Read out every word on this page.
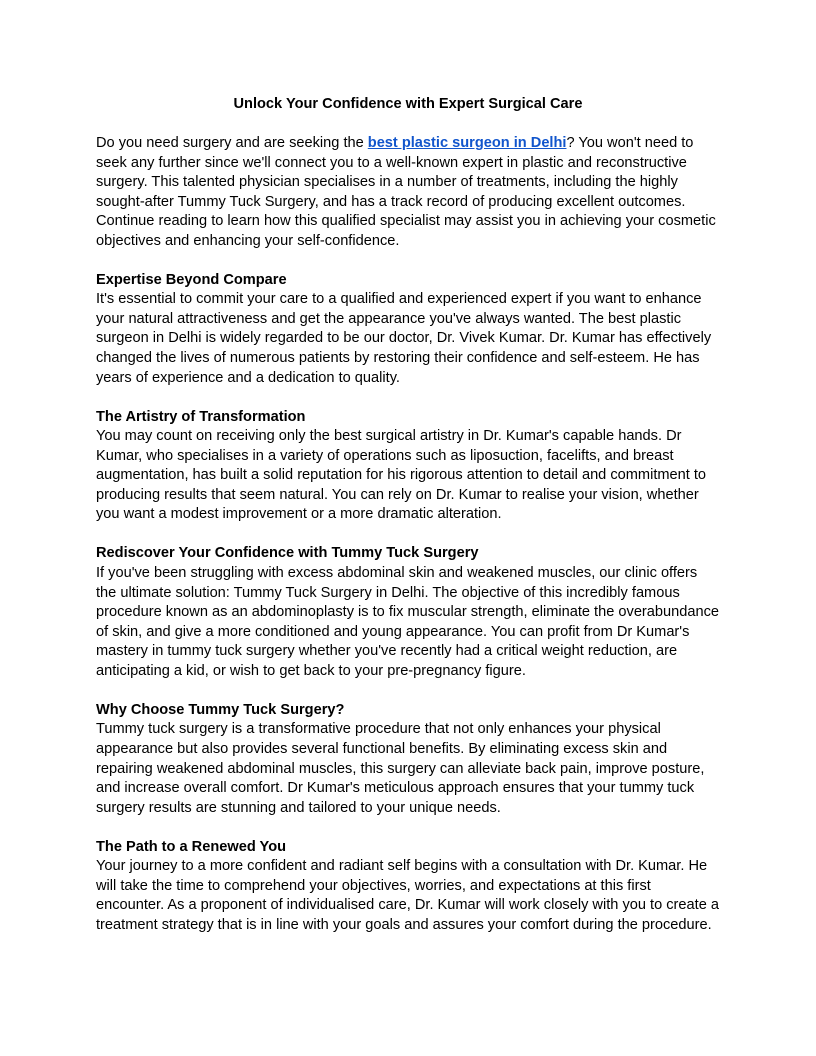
Unlock Your Confidence with Expert Surgical Care

Do you need surgery and are seeking the best plastic surgeon in Delhi? You won't need to seek any further since we'll connect you to a well-known expert in plastic and reconstructive surgery. This talented physician specialises in a number of treatments, including the highly sought-after Tummy Tuck Surgery, and has a track record of producing excellent outcomes. Continue reading to learn how this qualified specialist may assist you in achieving your cosmetic objectives and enhancing your self-confidence.

Expertise Beyond Compare

It's essential to commit your care to a qualified and experienced expert if you want to enhance your natural attractiveness and get the appearance you've always wanted. The best plastic surgeon in Delhi is widely regarded to be our doctor, Dr. Vivek Kumar. Dr. Kumar has effectively changed the lives of numerous patients by restoring their confidence and self-esteem. He has years of experience and a dedication to quality.

The Artistry of Transformation

You may count on receiving only the best surgical artistry in Dr. Kumar's capable hands. Dr Kumar, who specialises in a variety of operations such as liposuction, facelifts, and breast augmentation, has built a solid reputation for his rigorous attention to detail and commitment to producing results that seem natural. You can rely on Dr. Kumar to realise your vision, whether you want a modest improvement or a more dramatic alteration.

Rediscover Your Confidence with Tummy Tuck Surgery

If you've been struggling with excess abdominal skin and weakened muscles, our clinic offers the ultimate solution: Tummy Tuck Surgery in Delhi. The objective of this incredibly famous procedure known as an abdominoplasty is to fix muscular strength, eliminate the overabundance of skin, and give a more conditioned and young appearance. You can profit from Dr Kumar's mastery in tummy tuck surgery whether you've recently had a critical weight reduction, are anticipating a kid, or wish to get back to your pre-pregnancy figure.

Why Choose Tummy Tuck Surgery?

Tummy tuck surgery is a transformative procedure that not only enhances your physical appearance but also provides several functional benefits. By eliminating excess skin and repairing weakened abdominal muscles, this surgery can alleviate back pain, improve posture, and increase overall comfort. Dr Kumar's meticulous approach ensures that your tummy tuck surgery results are stunning and tailored to your unique needs.

The Path to a Renewed You

Your journey to a more confident and radiant self begins with a consultation with Dr. Kumar. He will take the time to comprehend your objectives, worries, and expectations at this first encounter. As a proponent of individualised care, Dr. Kumar will work closely with you to create a treatment strategy that is in line with your goals and assures your comfort during the procedure.
